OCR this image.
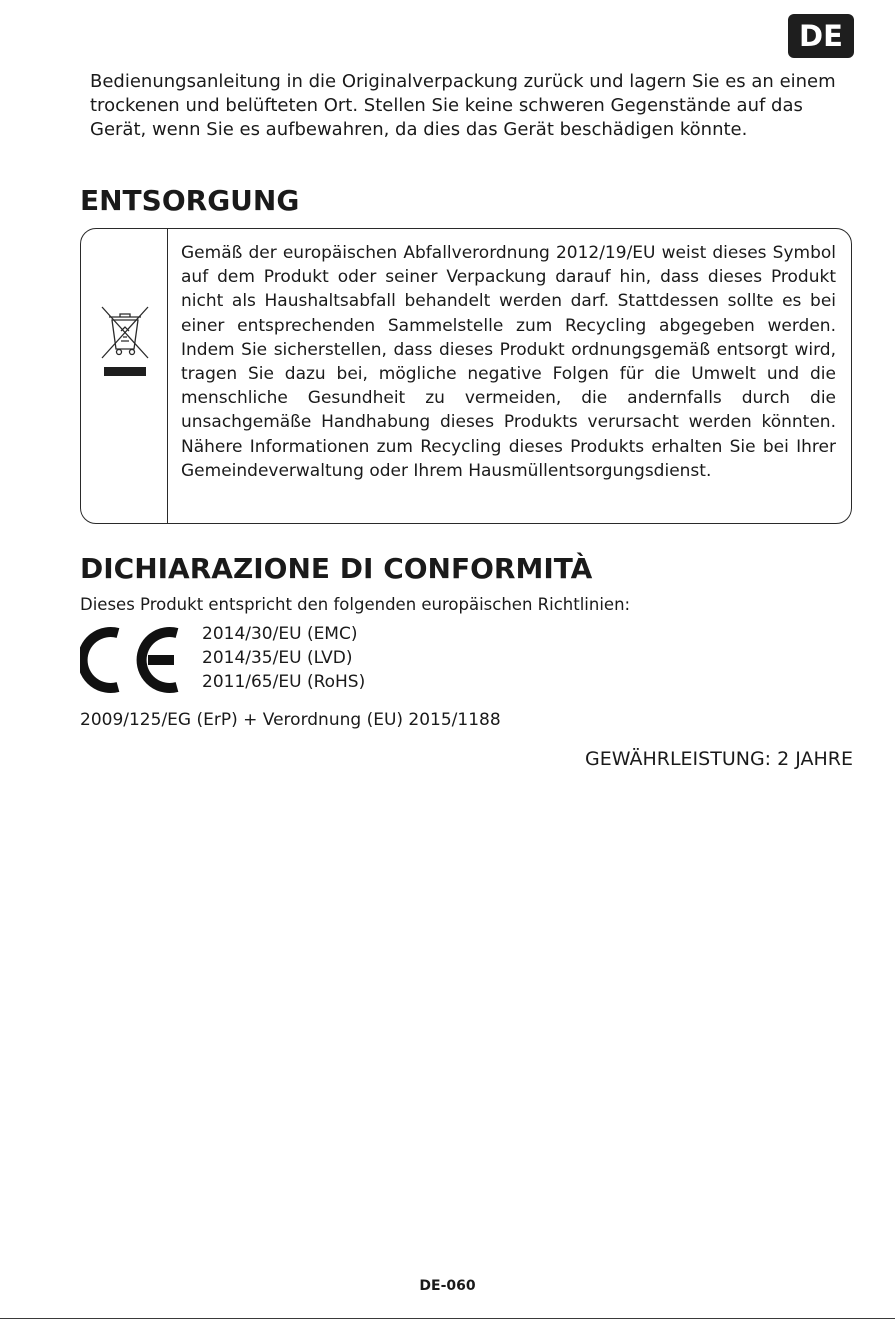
DE

Bedienungsanleitung in die Originalverpackung zurück und lagern Sie es an einem trockenen und belüfteten Ort. Stellen Sie keine schweren Gegenstände auf das Gerät, wenn Sie es aufbewahren, da dies das Gerät beschädigen könnte.

ENTSORGUNG

Gemäß der europäischen Abfallverordnung 2012/19/EU weist dieses Symbol auf dem Produkt oder seiner Verpackung darauf hin, dass dieses Produkt nicht als Haushaltsabfall behandelt werden darf. Stattdessen sollte es bei einer entsprechenden Sammelstelle zum Recycling abgegeben werden. Indem Sie sicherstellen, dass dieses Produkt ordnungsgemäß entsorgt wird, tragen Sie dazu bei, mögliche negative Folgen für die Umwelt und die menschliche Gesundheit zu vermeiden, die andernfalls durch die unsachgemäße Handhabung dieses Produkts verursacht werden könnten. Nähere Informationen zum Recycling dieses Produkts erhalten Sie bei Ihrer
Gemeindeverwaltung oder Ihrem Hausmüllentsorgungsdienst.

DICHIARAZIONE DI CONFORMITÀ

Dieses Produkt entspricht den folgenden europäischen Richtlinien:

2014/30/EU (EMC)
2014/35/EU (LVD)
2011/65/EU (RoHS)

2009/125/EG (ErP) + Verordnung (EU) 2015/1188

GEWÄHRLEISTUNG: 2 JAHRE

DE-060
